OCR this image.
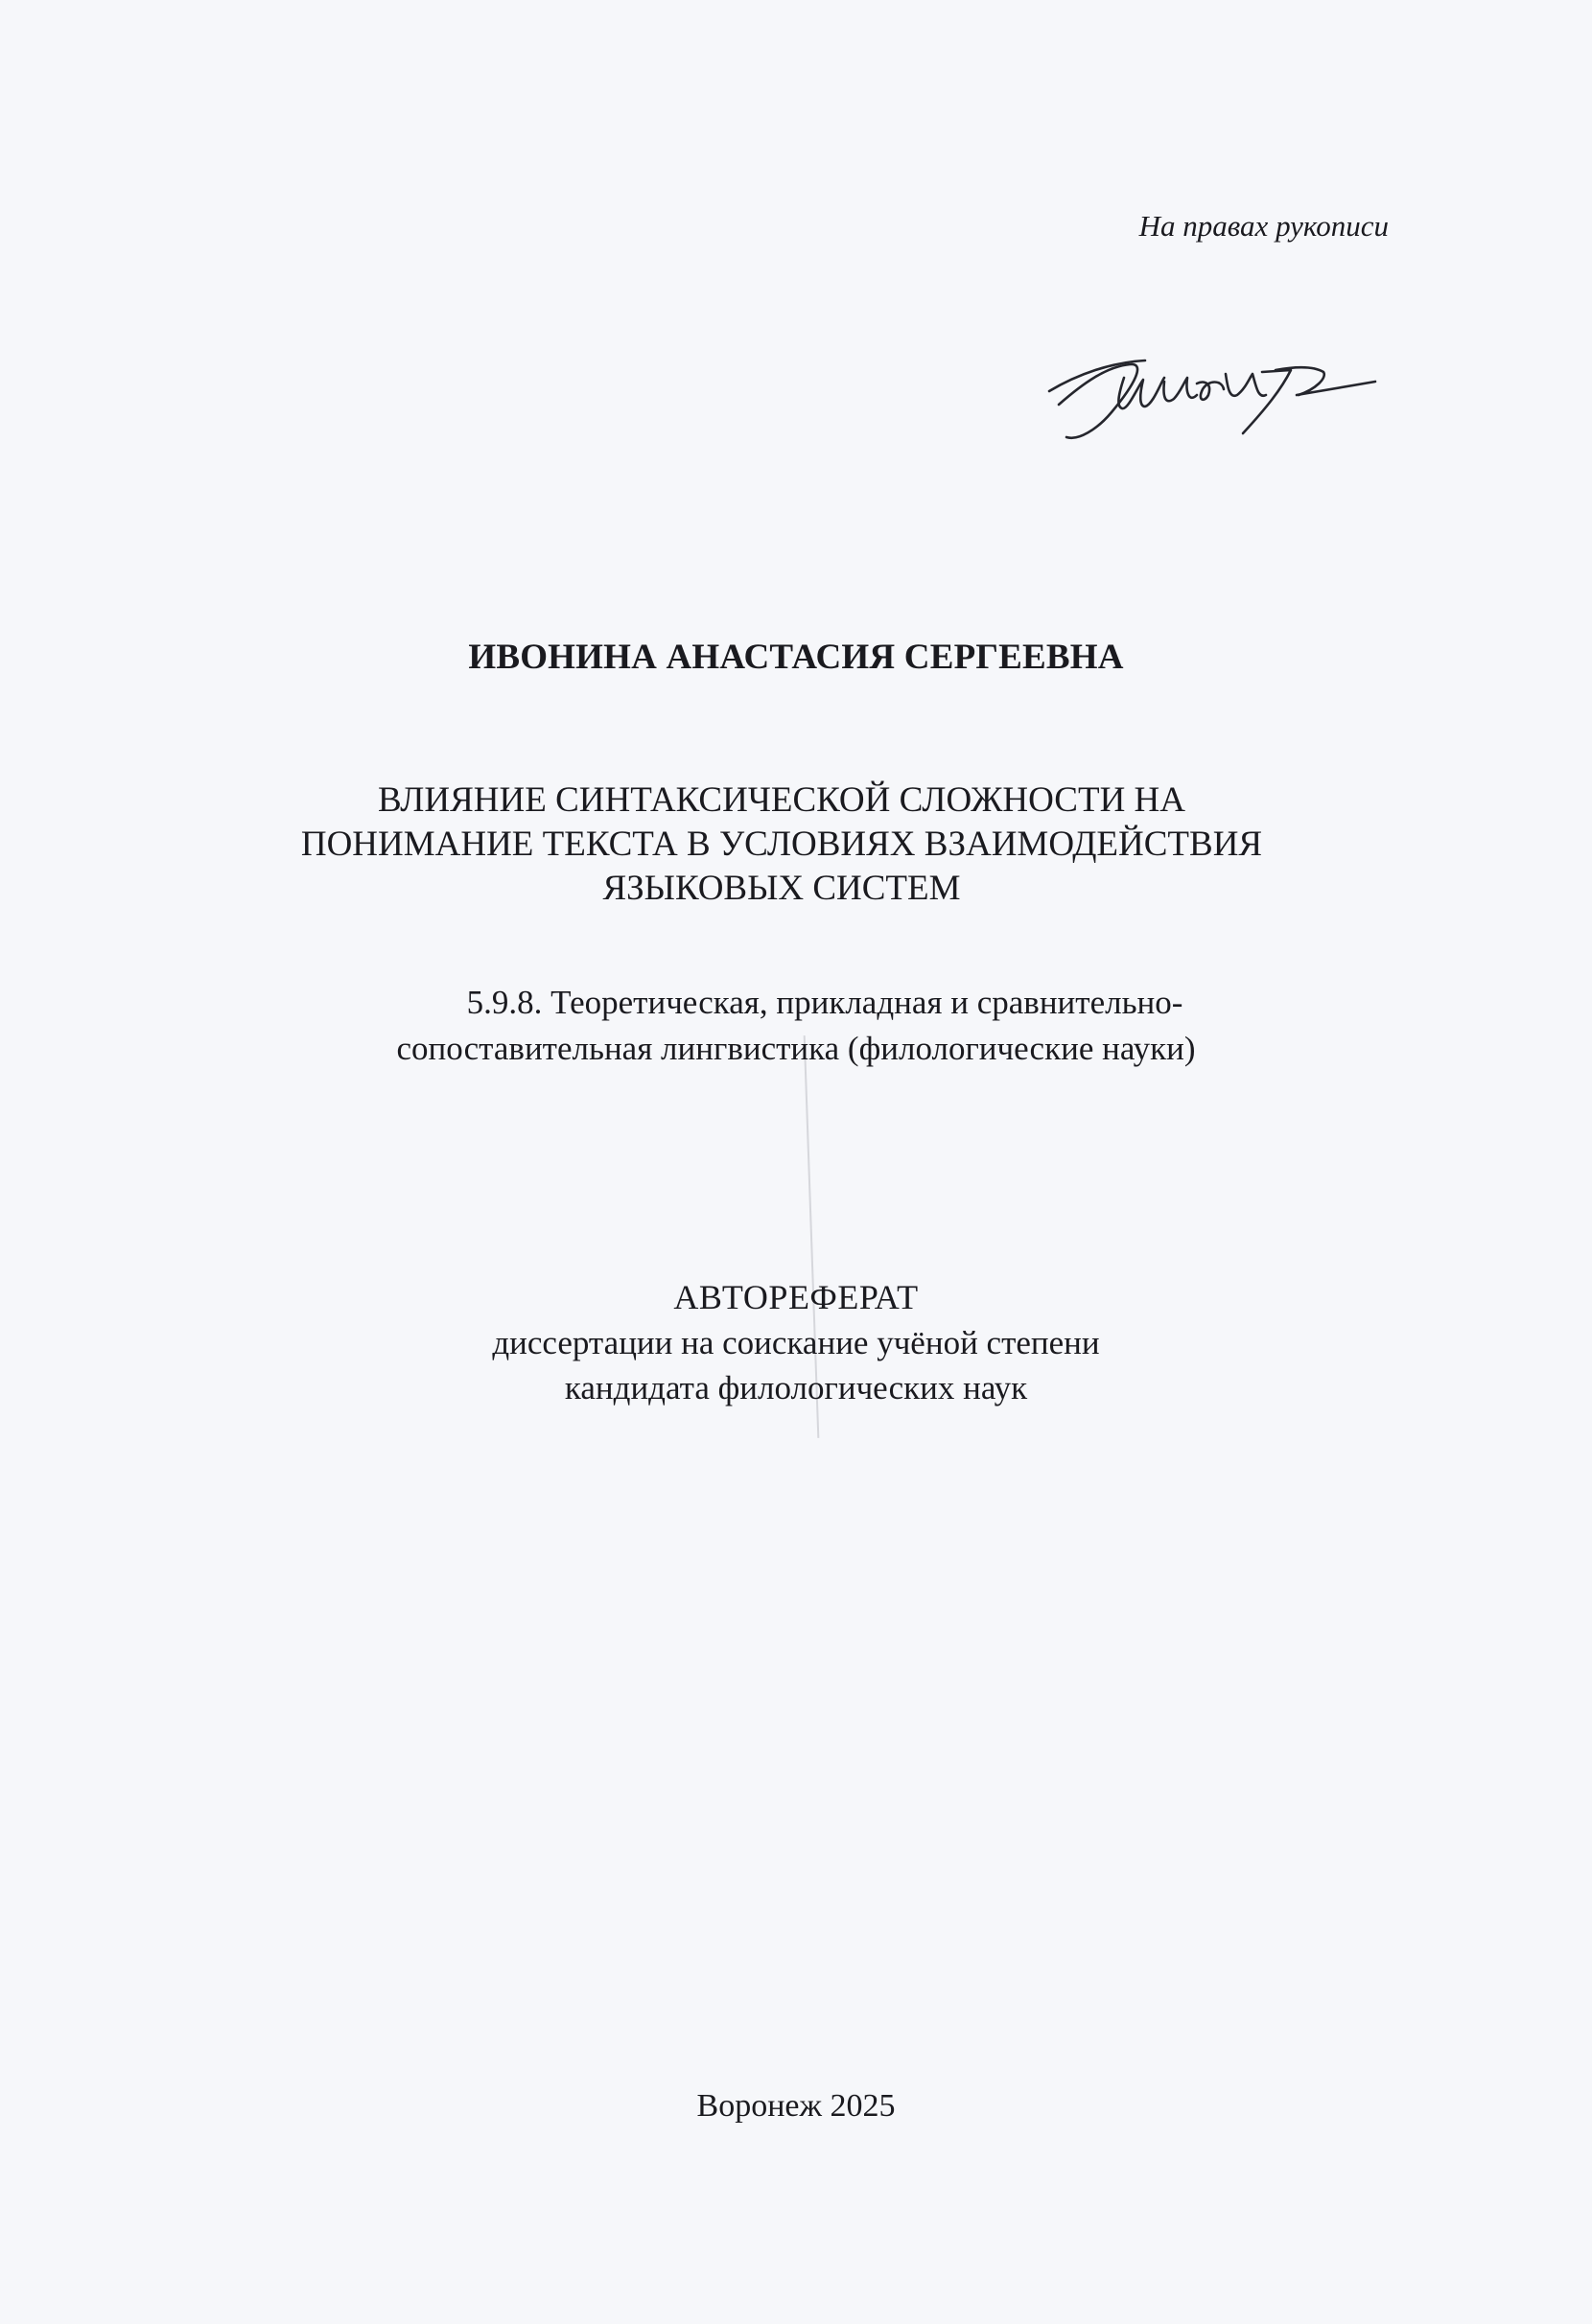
На правах рукописи
ИВОНИНА АНАСТАСИЯ СЕРГЕЕВНА
ВЛИЯНИЕ СИНТАКСИЧЕСКОЙ СЛОЖНОСТИ НА
ПОНИМАНИЕ ТЕКСТА В УСЛОВИЯХ ВЗАИМОДЕЙСТВИЯ
ЯЗЫКОВЫХ СИСТЕМ
5.9.8. Теоретическая, прикладная и сравнительно-
сопоставительная лингвистика (филологические науки)
АВТОРЕФЕРАТ
диссертации на соискание учёной степени
кандидата филологических наук
Воронеж 2025
